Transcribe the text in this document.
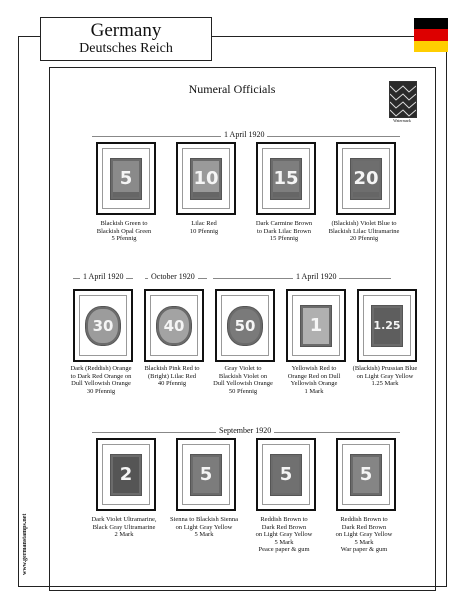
Germany
Deutsches Reich
Numeral Officials
Watermark
1 April 1920
1 April 1920	October 1920	1 April 1920
September 1920
5
Blackish Green to
Blackish Opal Green
5 Pfennig
10
Lilac Red
10 Pfennig
15
Dark Carmine Brown
to Dark Lilac Brown
15 Pfennig
20
(Blackish) Violet Blue to
Blackish Lilac Ultramarine
20 Pfennig
30
Dark (Reddish) Orange
to Dark Red Orange on
Dull Yellowish Orange
30 Pfennig
40
Blackish Pink Red to
(Bright) Lilac Red
40 Pfennig
50
Gray Violet to
Blackish Violet on
Dull Yellowish Orange
50 Pfennig
1
Yellowish Red to
Orange Red on Dull
Yellowish Orange
1 Mark
1.25
(Blackish) Prussian Blue
on Light Gray Yellow
1.25 Mark
2
Dark Violet Ultramarine,
Black Gray Ultramarine
2 Mark
5
Sienna to Blackish Sienna
on Light Gray Yellow
5 Mark
5
Reddish Brown to
Dark Red Brown
on Light Gray Yellow
5 Mark
Peace paper & gum
5
Reddish Brown to
Dark Red Brown
on Light Gray Yellow
5 Mark
War paper & gum
www.germanstamps.net
